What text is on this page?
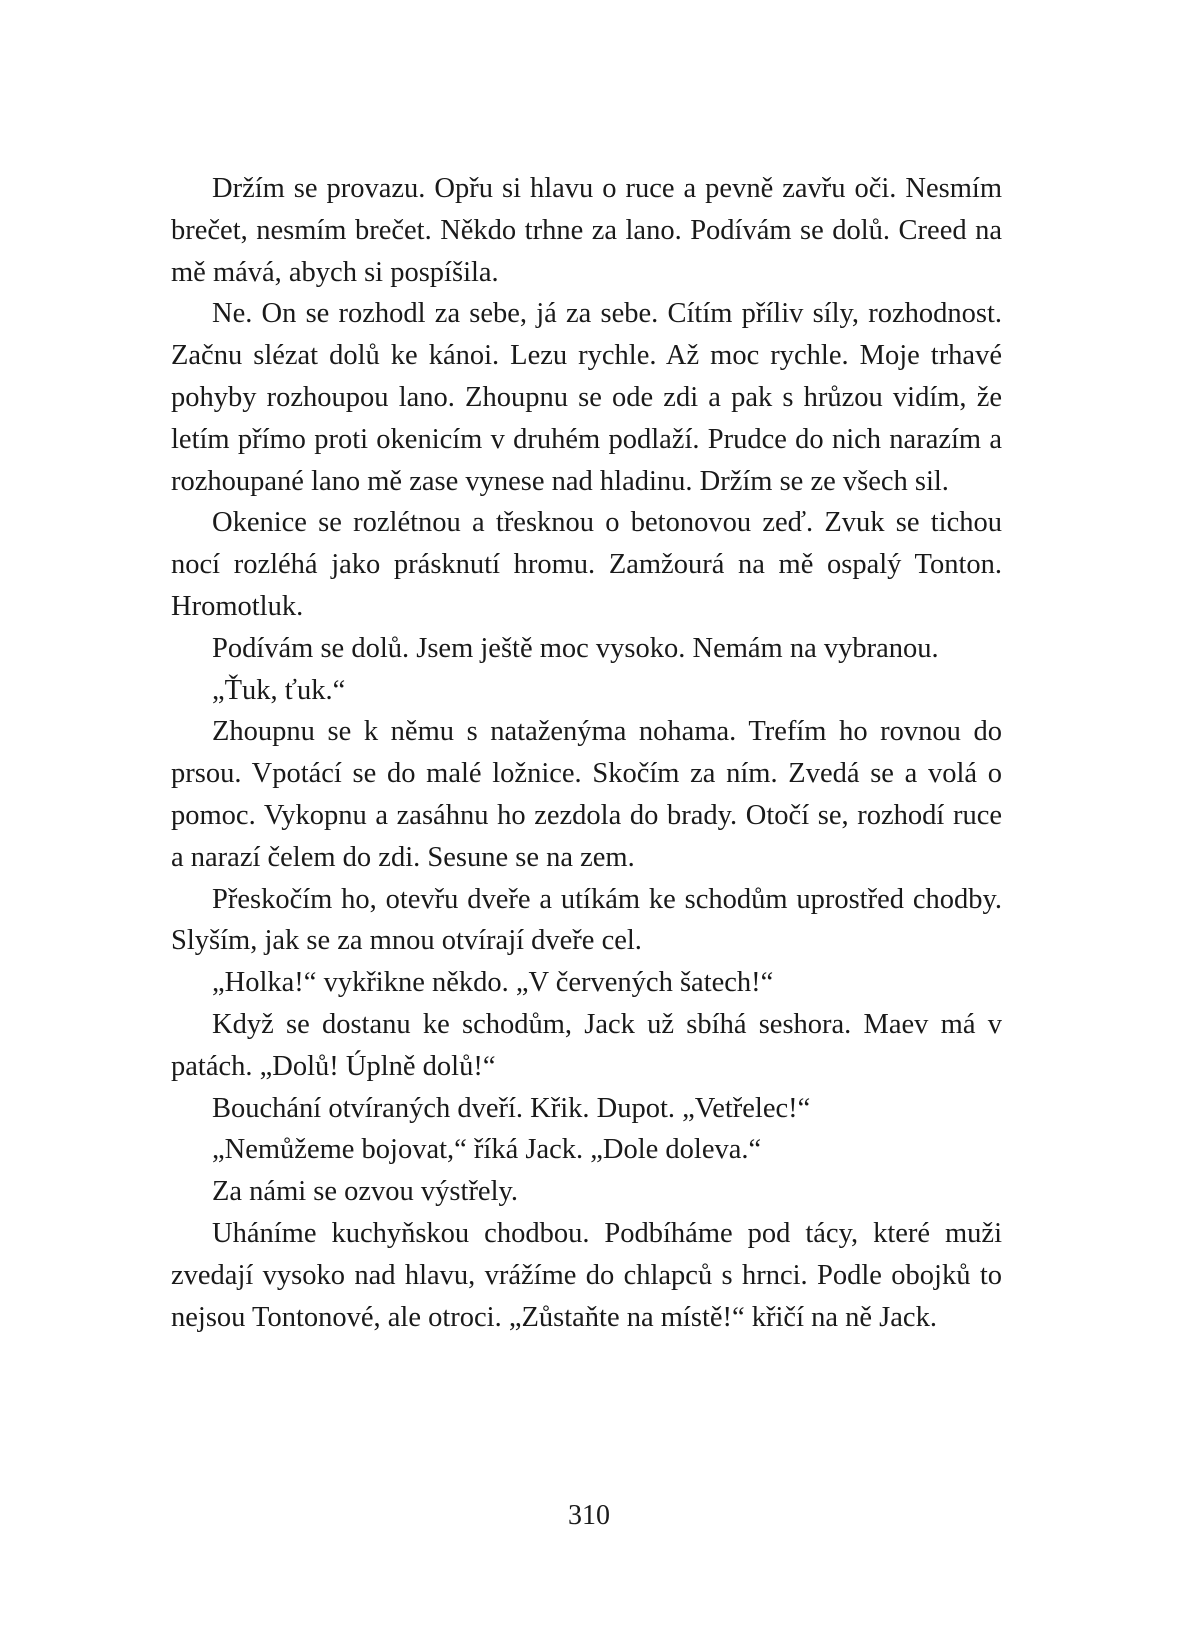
Držím se provazu. Opřu si hlavu o ruce a pevně zavřu oči. Nesmím brečet, nesmím brečet. Někdo trhne za lano. Podívám se dolů. Creed na mě mává, abych si pospíšila.

Ne. On se rozhodl za sebe, já za sebe. Cítím příliv síly, rozhodnost. Začnu slézat dolů ke kánoi. Lezu rychle. Až moc rychle. Moje trhavé pohyby rozhoupou lano. Zhoupnu se ode zdi a pak s hrůzou vidím, že letím přímo proti okenicím v druhém podlaží. Prudce do nich narazím a rozhoupané lano mě zase vynese nad hladinu. Držím se ze všech sil.

Okenice se rozlétnou a třesknou o betonovou zeď. Zvuk se tichou nocí rozléhá jako prásknutí hromu. Zamžourá na mě ospalý Tonton. Hromotluk.

Podívám se dolů. Jsem ještě moc vysoko. Nemám na vybranou.

„Ťuk, ťuk.“

Zhoupnu se k němu s nataženýma nohama. Trefím ho rovnou do prsou. Vpotácí se do malé ložnice. Skočím za ním. Zvedá se a volá o pomoc. Vykopnu a zasáhnu ho zezdola do brady. Otočí se, rozhodí ruce a narazí čelem do zdi. Sesune se na zem.

Přeskočím ho, otevřu dveře a utíkám ke schodům uprostřed chodby. Slyším, jak se za mnou otvírají dveře cel.

„Holka!“ vykřikne někdo. „V červených šatech!“

Když se dostanu ke schodům, Jack už sbíhá seshora. Maev má v patách. „Dolů! Úplně dolů!“

Bouchání otvíraných dveří. Křik. Dupot. „Vetřelec!“

„Nemůžeme bojovat,“ říká Jack. „Dole doleva.“

Za námi se ozvou výstřely.

Uháníme kuchyňskou chodbou. Podbíháme pod tácy, které muži zvedají vysoko nad hlavu, vrážíme do chlapců s hrnci. Podle obojků to nejsou Tontonové, ale otroci. „Zůstaňte na místě!“ křičí na ně Jack.

310
